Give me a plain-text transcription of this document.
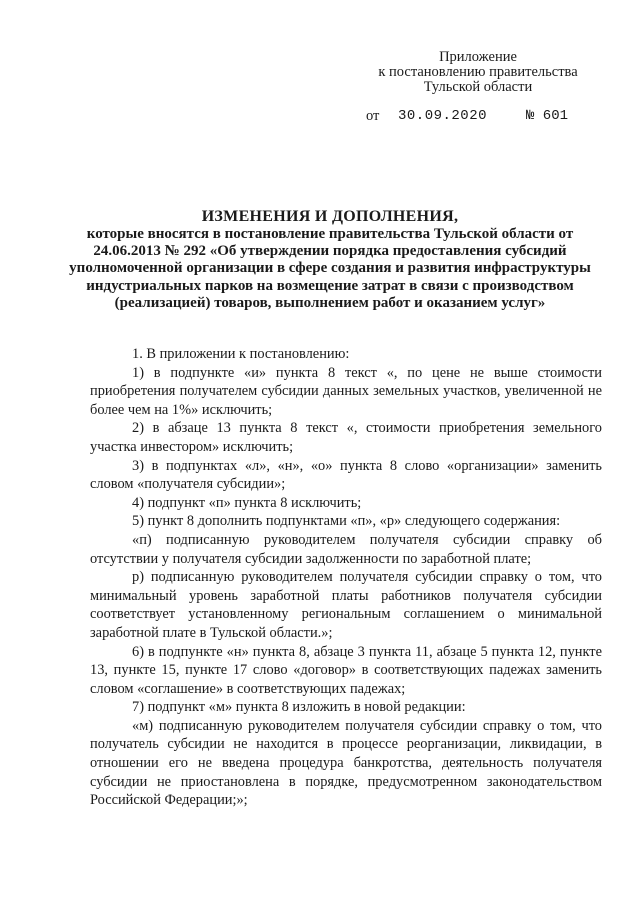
Приложение
к постановлению правительства
Тульской области
от 30.09.2020	№ 601
ИЗМЕНЕНИЯ И ДОПОЛНЕНИЯ,
которые вносятся в постановление правительства Тульской области от 24.06.2013 № 292 «Об утверждении порядка предоставления субсидий уполномоченной организации в сфере создания и развития инфраструктуры индустриальных парков на возмещение затрат в связи с производством (реализацией) товаров, выполнением работ и оказанием услуг»

1. В приложении к постановлению:

1) в подпункте «и» пункта 8 текст «, по цене не выше стоимости приобретения получателем субсидии данных земельных участков, увеличенной не более чем на 1%» исключить;

2) в абзаце 13 пункта 8 текст «, стоимости приобретения земельного участка инвестором» исключить;

3) в подпунктах «л», «н», «о» пункта 8 слово «организации» заменить словом «получателя субсидии»;

4) подпункт «п» пункта 8 исключить;

5) пункт 8 дополнить подпунктами «п», «р» следующего содержания:

«п) подписанную руководителем получателя субсидии справку об отсутствии у получателя субсидии задолженности по заработной плате;

р) подписанную руководителем получателя субсидии справку о том, что минимальный уровень заработной платы работников получателя субсидии соответствует установленному региональным соглашением о минимальной заработной плате в Тульской области.»;

6) в подпункте «н» пункта 8, абзаце 3 пункта 11, абзаце 5 пункта 12, пункте 13, пункте 15, пункте 17 слово «договор» в соответствующих падежах заменить словом «соглашение» в соответствующих падежах;

7) подпункт «м» пункта 8 изложить в новой редакции:

«м) подписанную руководителем получателя субсидии справку о том, что получатель субсидии не находится в процессе реорганизации, ликвидации, в отношении его не введена процедура банкротства, деятельность получателя субсидии не приостановлена в порядке, предусмотренном законодательством Российской Федерации;»;
